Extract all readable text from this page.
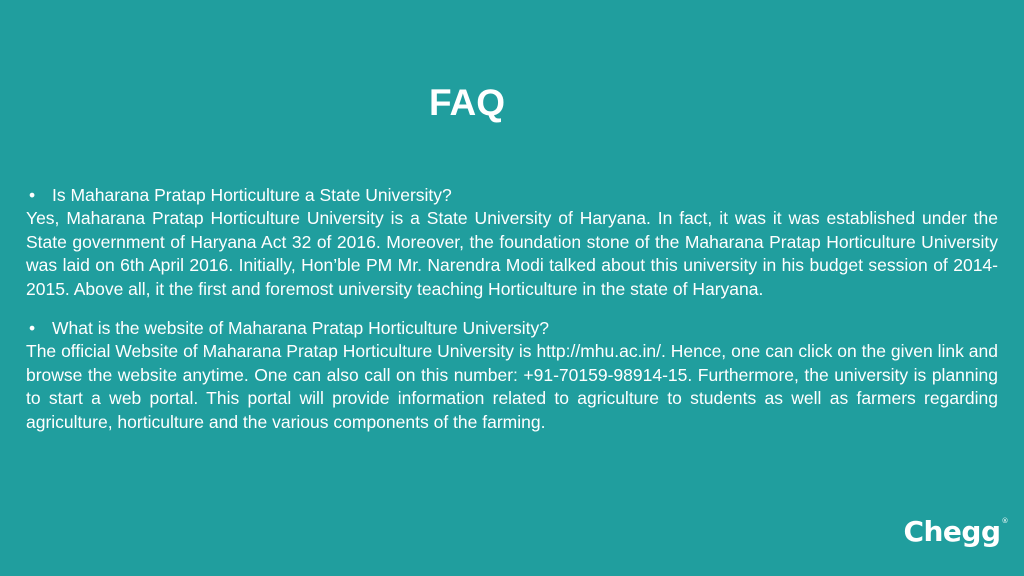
FAQ
• Is Maharana Pratap Horticulture a State University?

Yes, Maharana Pratap Horticulture University is a State University of Haryana. In fact, it was it was established under the State government of Haryana Act 32 of 2016. Moreover, the foundation stone of the Maharana Pratap Horticulture University was laid on 6th April 2016. Initially, Hon’ble PM Mr. Narendra Modi talked about this university in his budget session of 2014-2015. Above all, it the first and foremost university teaching Horticulture in the state of Haryana.

• What is the website of Maharana Pratap Horticulture University?

The official Website of Maharana Pratap Horticulture University is http://mhu.ac.in/. Hence, one can click on the given link and browse the website anytime. One can also call on this number: +91-70159-98914-15. Furthermore, the university is planning to start a web portal. This portal will provide information related to agriculture to students as well as farmers regarding agriculture, horticulture and the various components of the farming.

Chegg®
